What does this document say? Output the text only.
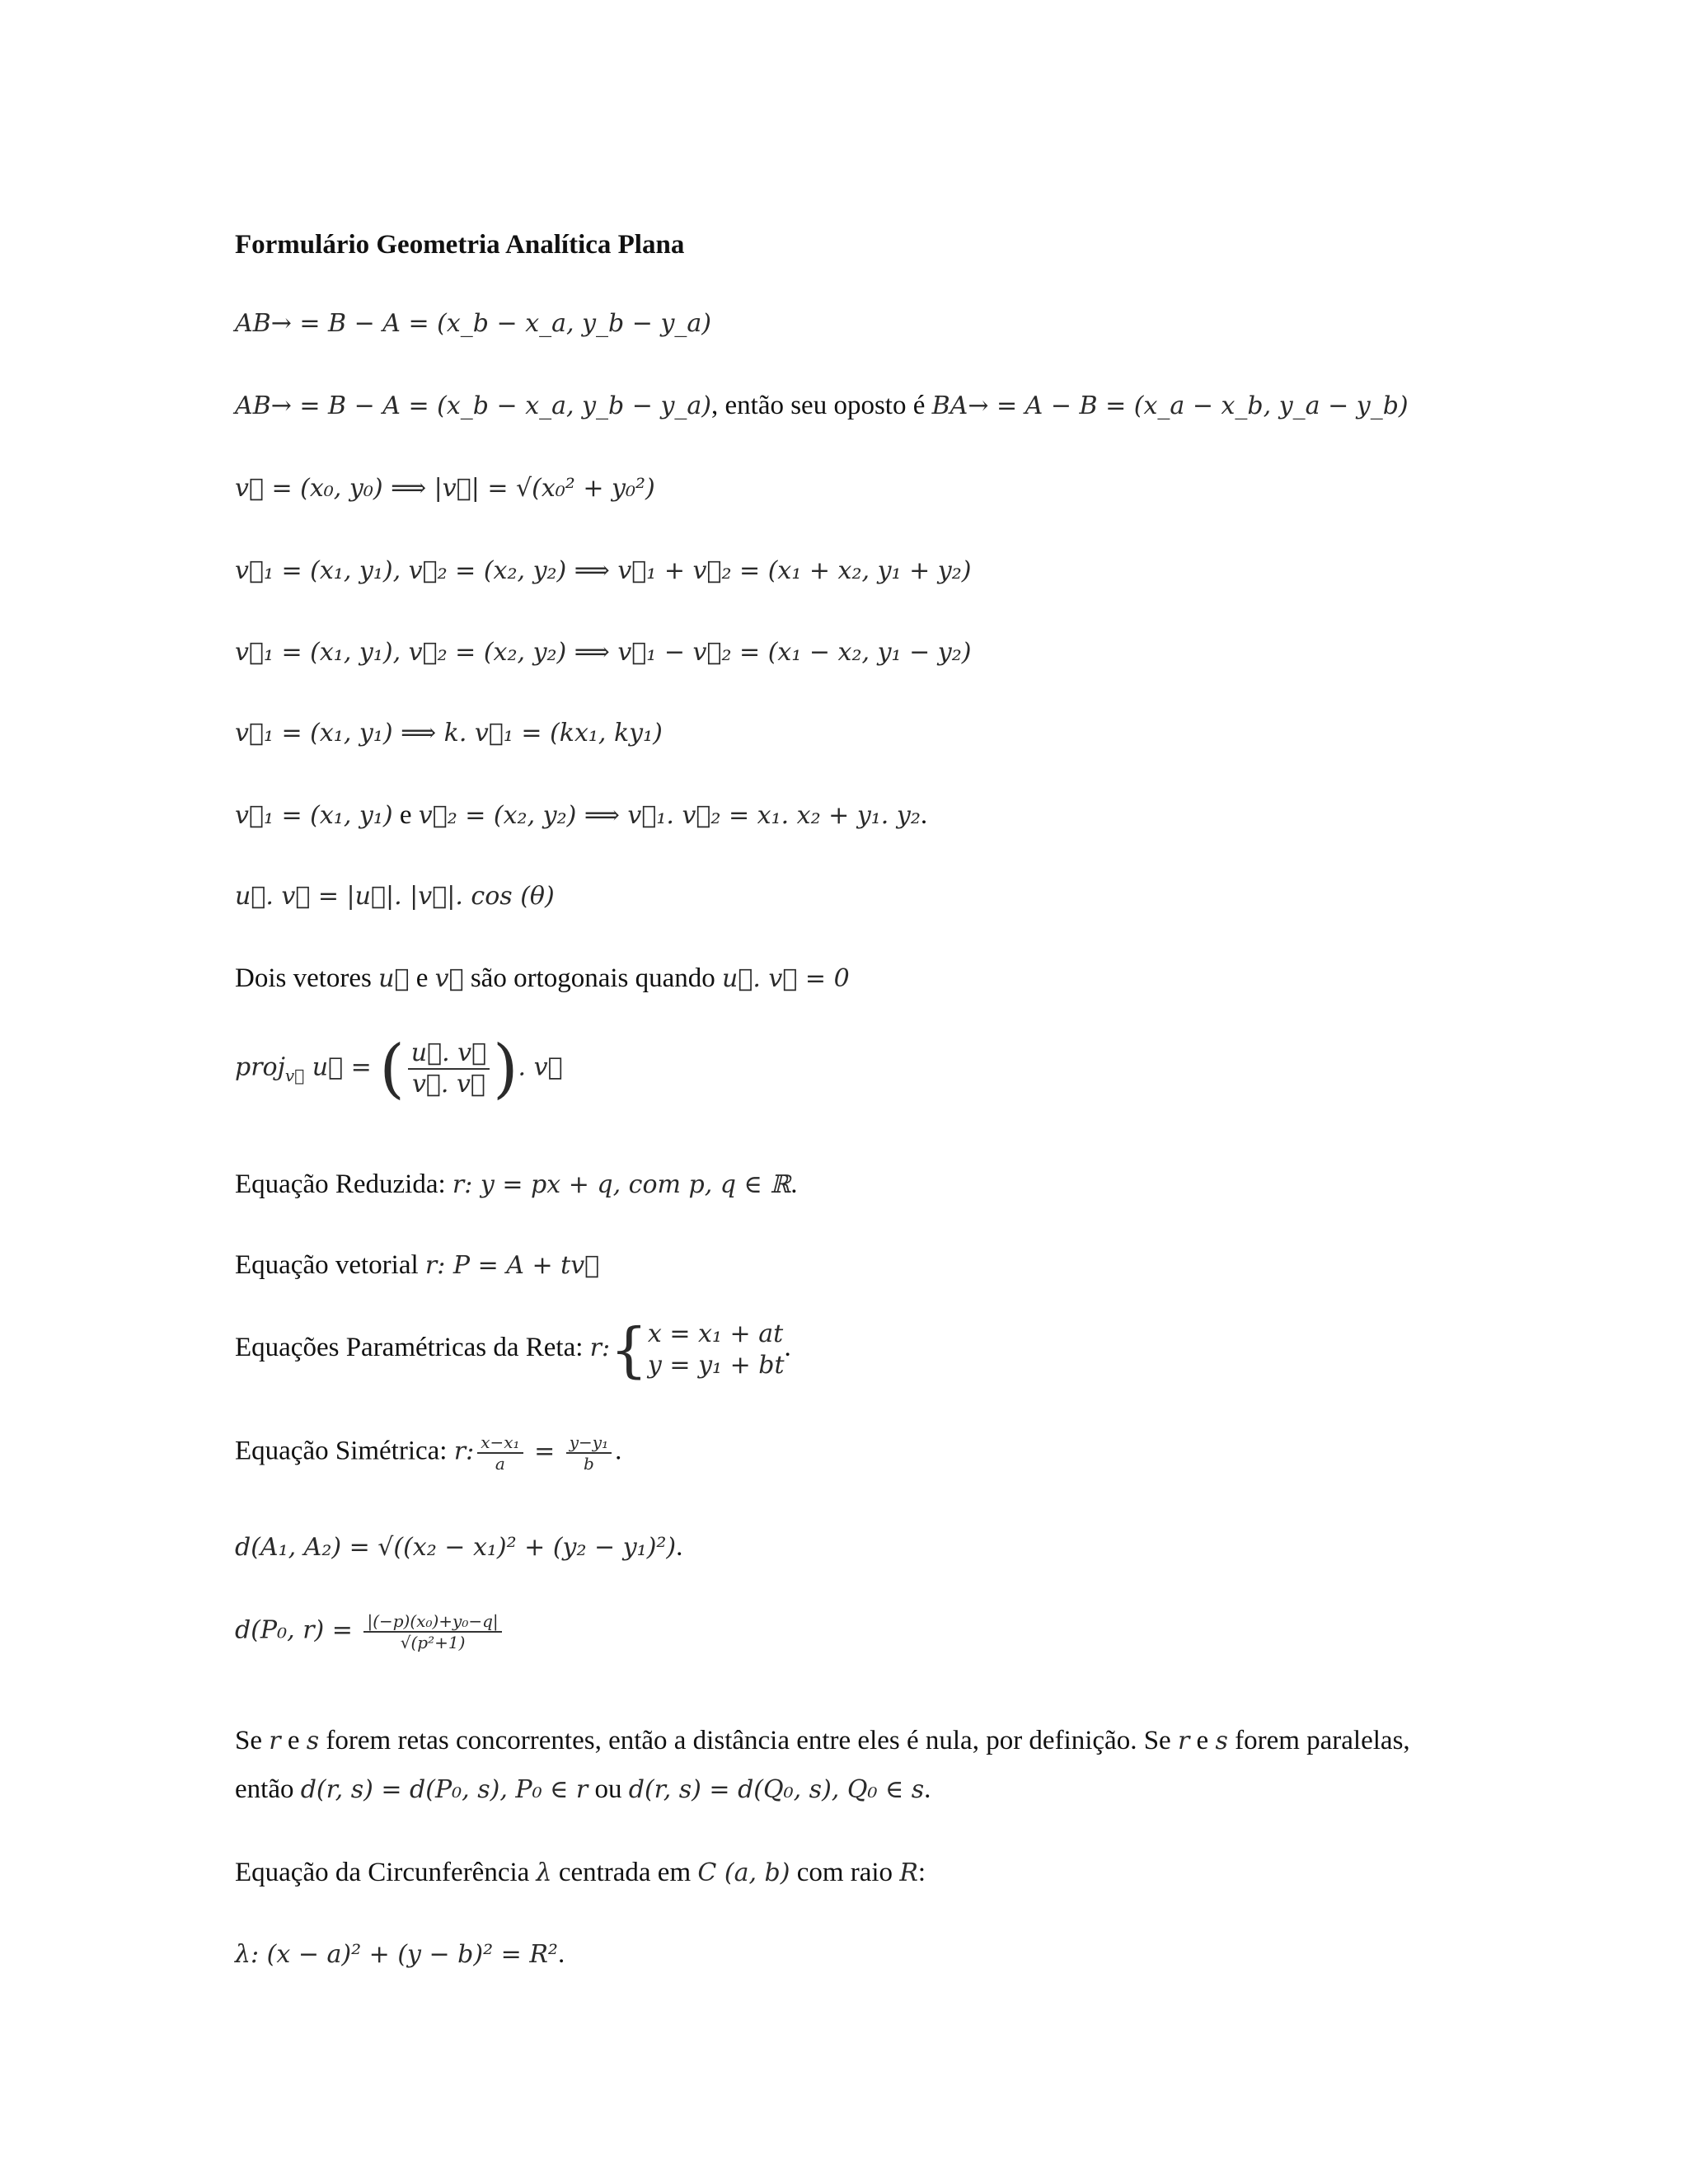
Formulário Geometria Analítica Plana
AB→ = B − A = (x_b − x_a, y_b − y_a)
AB→ = B − A = (x_b − x_a, y_b − y_a), então seu oposto é BA→ = A − B = (x_a − x_b, y_a − y_b)
v⃗ = (x₀, y₀) ⟹ |v⃗| = √(x₀² + y₀²)
v⃗₁ = (x₁, y₁), v⃗₂ = (x₂, y₂) ⟹ v⃗₁ + v⃗₂ = (x₁ + x₂, y₁ + y₂)
v⃗₁ = (x₁, y₁), v⃗₂ = (x₂, y₂) ⟹ v⃗₁ − v⃗₂ = (x₁ − x₂, y₁ − y₂)
v⃗₁ = (x₁, y₁) ⟹ k. v⃗₁ = (kx₁, ky₁)
v⃗₁ = (x₁, y₁) e v⃗₂ = (x₂, y₂) ⟹ v⃗₁. v⃗₂ = x₁. x₂ + y₁. y₂.
u⃗. v⃗ = |u⃗|. |v⃗|. cos (θ)
Dois vetores u⃗ e v⃗ são ortogonais quando u⃗. v⃗ = 0
proj$_{v⃗}$ u⃗ = ( $\frac{u⃗. v⃗}{v⃗. v⃗}$ ). v⃗
Equação Reduzida: r: y = px + q, com p, q ∈ ℝ.
Equação vetorial r: P = A + tv⃗
Equações Paramétricas da Reta: r:{ x = x₁ + at
y = y₁ + bt
.
Equação Simétrica: r: $\frac{\text{x−x₁}}{a} = \frac{\text{y−y₁}}{b}$ .
d(A₁, A₂) = √((x₂ − x₁)² + (y₂ − y₁)²).
d(P₀, $r) = \frac{\text{|(−p)(x₀)+y₀−q|}}{\text{√(p²+1)}}$
Se r e s forem retas concorrentes, então a distância entre eles é nula, por definição. Se r e s forem paralelas,
então d(r, s) = d(P₀, s), P₀ ∈ r ou d(r, s) = d(Q₀, s), Q₀ ∈ s.
Equação da Circunferência λ centrada em C (a, b) com raio R:
λ: (x − a)² + (y − b)² = R².
